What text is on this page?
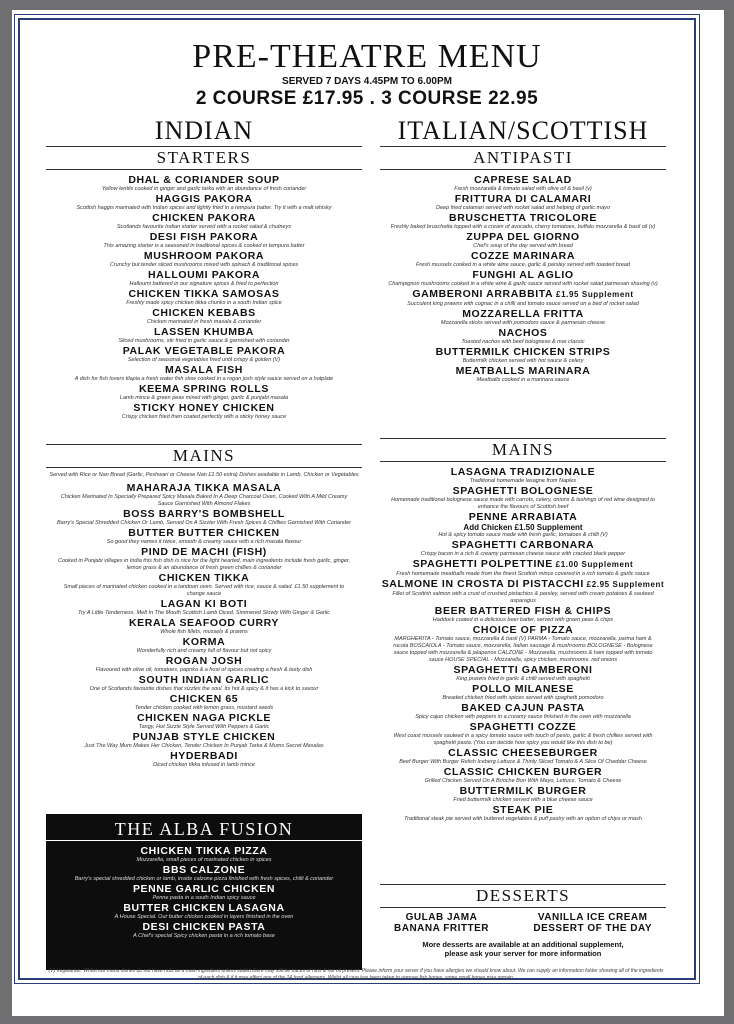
PRE-THEATRE MENU
SERVED 7 DAYS 4.45PM TO 6.00PM
2 COURSE £17.95 . 3 COURSE 22.95
INDIAN	ITALIAN/SCOTTISH
STARTERS
DHAL & CORIANDER SOUP
Yellow lentils cooked in ginger and garlic tarka with an abundance of fresh coriander
HAGGIS PAKORA
Scottish haggis marinated with Indian spices and lightly fried in a tempura batter. Try it with a malt whisky
CHICKEN PAKORA
Scotlands favourite Indian starter served with a rocket salad & chutneys
DESI FISH PAKORA
This amazing starter is a seasoned in traditional spices & cooked in tempura batter
MUSHROOM PAKORA
Crunchy but tender sliced mushrooms mixed with spinach & traditional spices
HALLOUMI PAKORA
Halloumi battered in our signature spices & fried to perfection
CHICKEN TIKKA SAMOSAS
Freshly made spicy chicken tikka chunks in a south Indian spice
CHICKEN KEBABS
Chicken marinated in fresh masala & coriander
LASSEN KHUMBA
Sliced mushrooms, stir fried in garlic sauce & garnished with coriander
PALAK VEGETABLE PAKORA
Selection of seasonal vegetables fried until crispy & golden (V)
MASALA FISH
A dish for fish lovers tilapia a fresh water fish slow cooked in a rogan josh style sauce served on a hotplate
KEEMA SPRING ROLLS
Lamb mince & green peas mixed with ginger, garlic & punjabi masala
STICKY HONEY CHICKEN
Crispy chicken fried then coated perfectly with a sticky honey sauce
MAINS
Served with Rice or Nan Bread (Garlic, Peshwari or Cheese Nan £1.50 extra) Dishes available in Lamb, Chicken or Vegetables
MAHARAJA TIKKA MASALA
Chicken Marinated In Specially Prepared Spicy Masala Baked In A Deep Charcoal Oven, Cooked With A Mild Creamy Sauce Garnished With Almond Flakes
BOSS BARRY'S BOMBSHELL
Barry's Special Shredded Chicken Or Lamb, Served On A Sizzler With Fresh Spices & Chillies Garnished With Coriander
BUTTER BUTTER CHICKEN
So good they names it twice, smooth & creamy sauce with a rich masala flavour
PIND DE MACHI (FISH)
Cooked in Punjabi villages in India this fish dish is nice for the light hearted, main ingredients include fresh garlic, ginger, lemon grass & an abundance of fresh green chillies & coriander
CHICKEN TIKKA
Small pieces of marinated chicken cooked in a tandoori oven. Served with rice, sauce & salad. £1.50 supplement to change sauce
LAGAN KI BOTI
Try A Little Tenderness, Melt In The Mouth Scottish Lamb Diced, Simmered Slowly With Ginger & Garlic
KERALA SEAFOOD CURRY
Whole fish fillets, mussels & prawns
KORMA
Wonderfully rich and creamy full of flavour but not spicy
ROGAN JOSH
Flavoured with olive oil, tomatoes, paprika & a host of spices creating a fresh & tasty dish
SOUTH INDIAN GARLIC
One of Scotlands favourite dishes that sizzles the soul. Its hot & spicy & it has a kick to savour
CHICKEN 65
Tender chicken cooked with lemon grass, mustard seeds
CHICKEN NAGA PICKLE
Tangy, Hot Sizzle Style Served With Peppers & Garlic
PUNJAB STYLE CHICKEN
Just The Way Mum Makes Her Chicken, Tender Chicken In Punjab Tarka & Mums Secret Masalas
HYDERBADI
Diced chicken tikka infused in lamb mince
THE ALBA FUSION
CHICKEN TIKKA PIZZA
Mozzarella, small pieces of marinated chicken in spices
BBS CALZONE
Barry's special shredded chicken or lamb, inside calzone pizza finished with fresh spices, chilli & coriander
PENNE GARLIC CHICKEN
Penne pasta in a south Indian spicy sauce
BUTTER CHICKEN LASAGNA
A House Special. Our butter chicken cooked in layers finished in the oven
DESI CHICKEN PASTA
A Chef's special Spicy chicken pasta in a rich tomato base
ANTIPASTI
CAPRESE SALAD
Fresh mozzarella & tomato salad with olive oil & basil (v)
FRITTURA DI CALAMARI
Deep fried calamari served with rocket salad and helping of garlic mayo
BRUSCHETTA TRICOLORE
Freshly baked bruschetta topped with a cream of avocado, cherry tomatoes, buffalo mozzarella & basil oil (v)
ZUPPA DEL GIORNO
Chef's soup of the day served with bread
COZZE MARINARA
Fresh mussels cooked in a white wine sauce, garlic & parsley served with toasted bread
FUNGHI AL AGLIO
Champignon mushrooms cooked in a white wine & garlic sauce served with rocket salad parmesan shaving (v)
GAMBERONI ARRABBITA £1.95 Supplement
Succulent king prawns with cognac in a chilli and tomato sauce served on a bed of rocket salad
MOZZARELLA FRITTA
Mozzarella sticks served with pomodoro sauce & parmesan cheese
NACHOS
Toasted nachos with beef bolognese & mar classic
BUTTERMILK CHICKEN STRIPS
Buttermilk chicken served with hot sauce & celery
MEATBALLS MARINARA
Meatballs cooked in a marinara sauce
MAINS
LASAGNA TRADIZIONALE
Traditional homemade lasagne from Naples
SPAGHETTI BOLOGNESE
Homemade traditional bolognese sauce made with carrots, celery, onions & lashings of red wine designed to enhance the flavours of Scottish beef
PENNE ARRABIATA
Add Chicken £1.50 Supplement
Hot & spicy tomato sauce made with fresh garlic, tomatoes & chilli (V)
SPAGHETTI CARBONARA
Crispy bacon in a rich & creamy parmesan cheese sauce with cracked black pepper
SPAGHETTI POLPETTINE £1.00 Supplement
Fresh homemade meatballs made from the finest Scottish mince covered in a rich tomato & garlic sauce
SALMONE IN CROSTA DI PISTACCHI £2.95 Supplement
Fillet of Scottish salmon with a crust of crushed pistachios & parsley, served with cream potatoes & sauteed asparagus
BEER BATTERED FISH & CHIPS
Haddock coated in a delicious beer batter, served with green peas & chips
CHOICE OF PIZZA
MARGHERITA - Tomato sauce, mozzarella & basil (V) PARMA - Tomato sauce, mozzarella, parma ham & rucola BOSCAIOLA - Tomato sauce, mozzarella, Italian sausage & mushrooms BOLOGNESE - Bolognese sauce topped with mozzarella & jalapenos CALZONE - Mozzarella, mushrooms & ham topped with tomato sauce HOUSE SPECIAL - Mozzarella, spicy chicken, mushrooms, red onions
SPAGHETTI GAMBERONI
King prawns fried in garlic & chilli served with spaghetti
POLLO MILANESE
Breaded chicken fried with spices served with spaghetti pomodoro
BAKED CAJUN PASTA
Spicy cajun chicken with peppers in a creamy sauce finished in the oven with mozzarella
SPAGHETTI COZZE
West coast mussels sauteed in a spicy tomato sauce with touch of pesto, garlic & fresh chillies served with spaghetti pasta. (You can decide how spicy you would like this dish to be)
CLASSIC CHEESEBURGER
Beef Burger With Burger Relish Iceberg Lettuce & Thinly Sliced Tomato & A Slice Of Cheddar Cheese
CLASSIC CHICKEN BURGER
Grilled Chicken Served On A Brioche Bun With Mayo, Lettuce, Tomato & Cheese
BUTTERMILK BURGER
Fried buttermilk chicken served with a blue cheese sauce
STEAK PIE
Traditional steak pie served with buttered vegetables & puff pastry with an option of chips or mash
DESSERTS
GULAB JAMA
BANANA FRITTER
VANILLA ICE CREAM
DESSERT OF THE DAY
More desserts are available at an additional supplement,
please ask your server for more information
(V) Vegetarian. Whilst our menu dishes do not have nuts as a main ingredient unless stated there may still be traces of nuts & nut oil present. Please inform your server if you have allergies we should know about. We can supply an information folder showing all of the ingredients of each dish & if it may affect any of the 14 food allergens. Whilst all care has been taken to remove fish bones, some small bones may remain.
